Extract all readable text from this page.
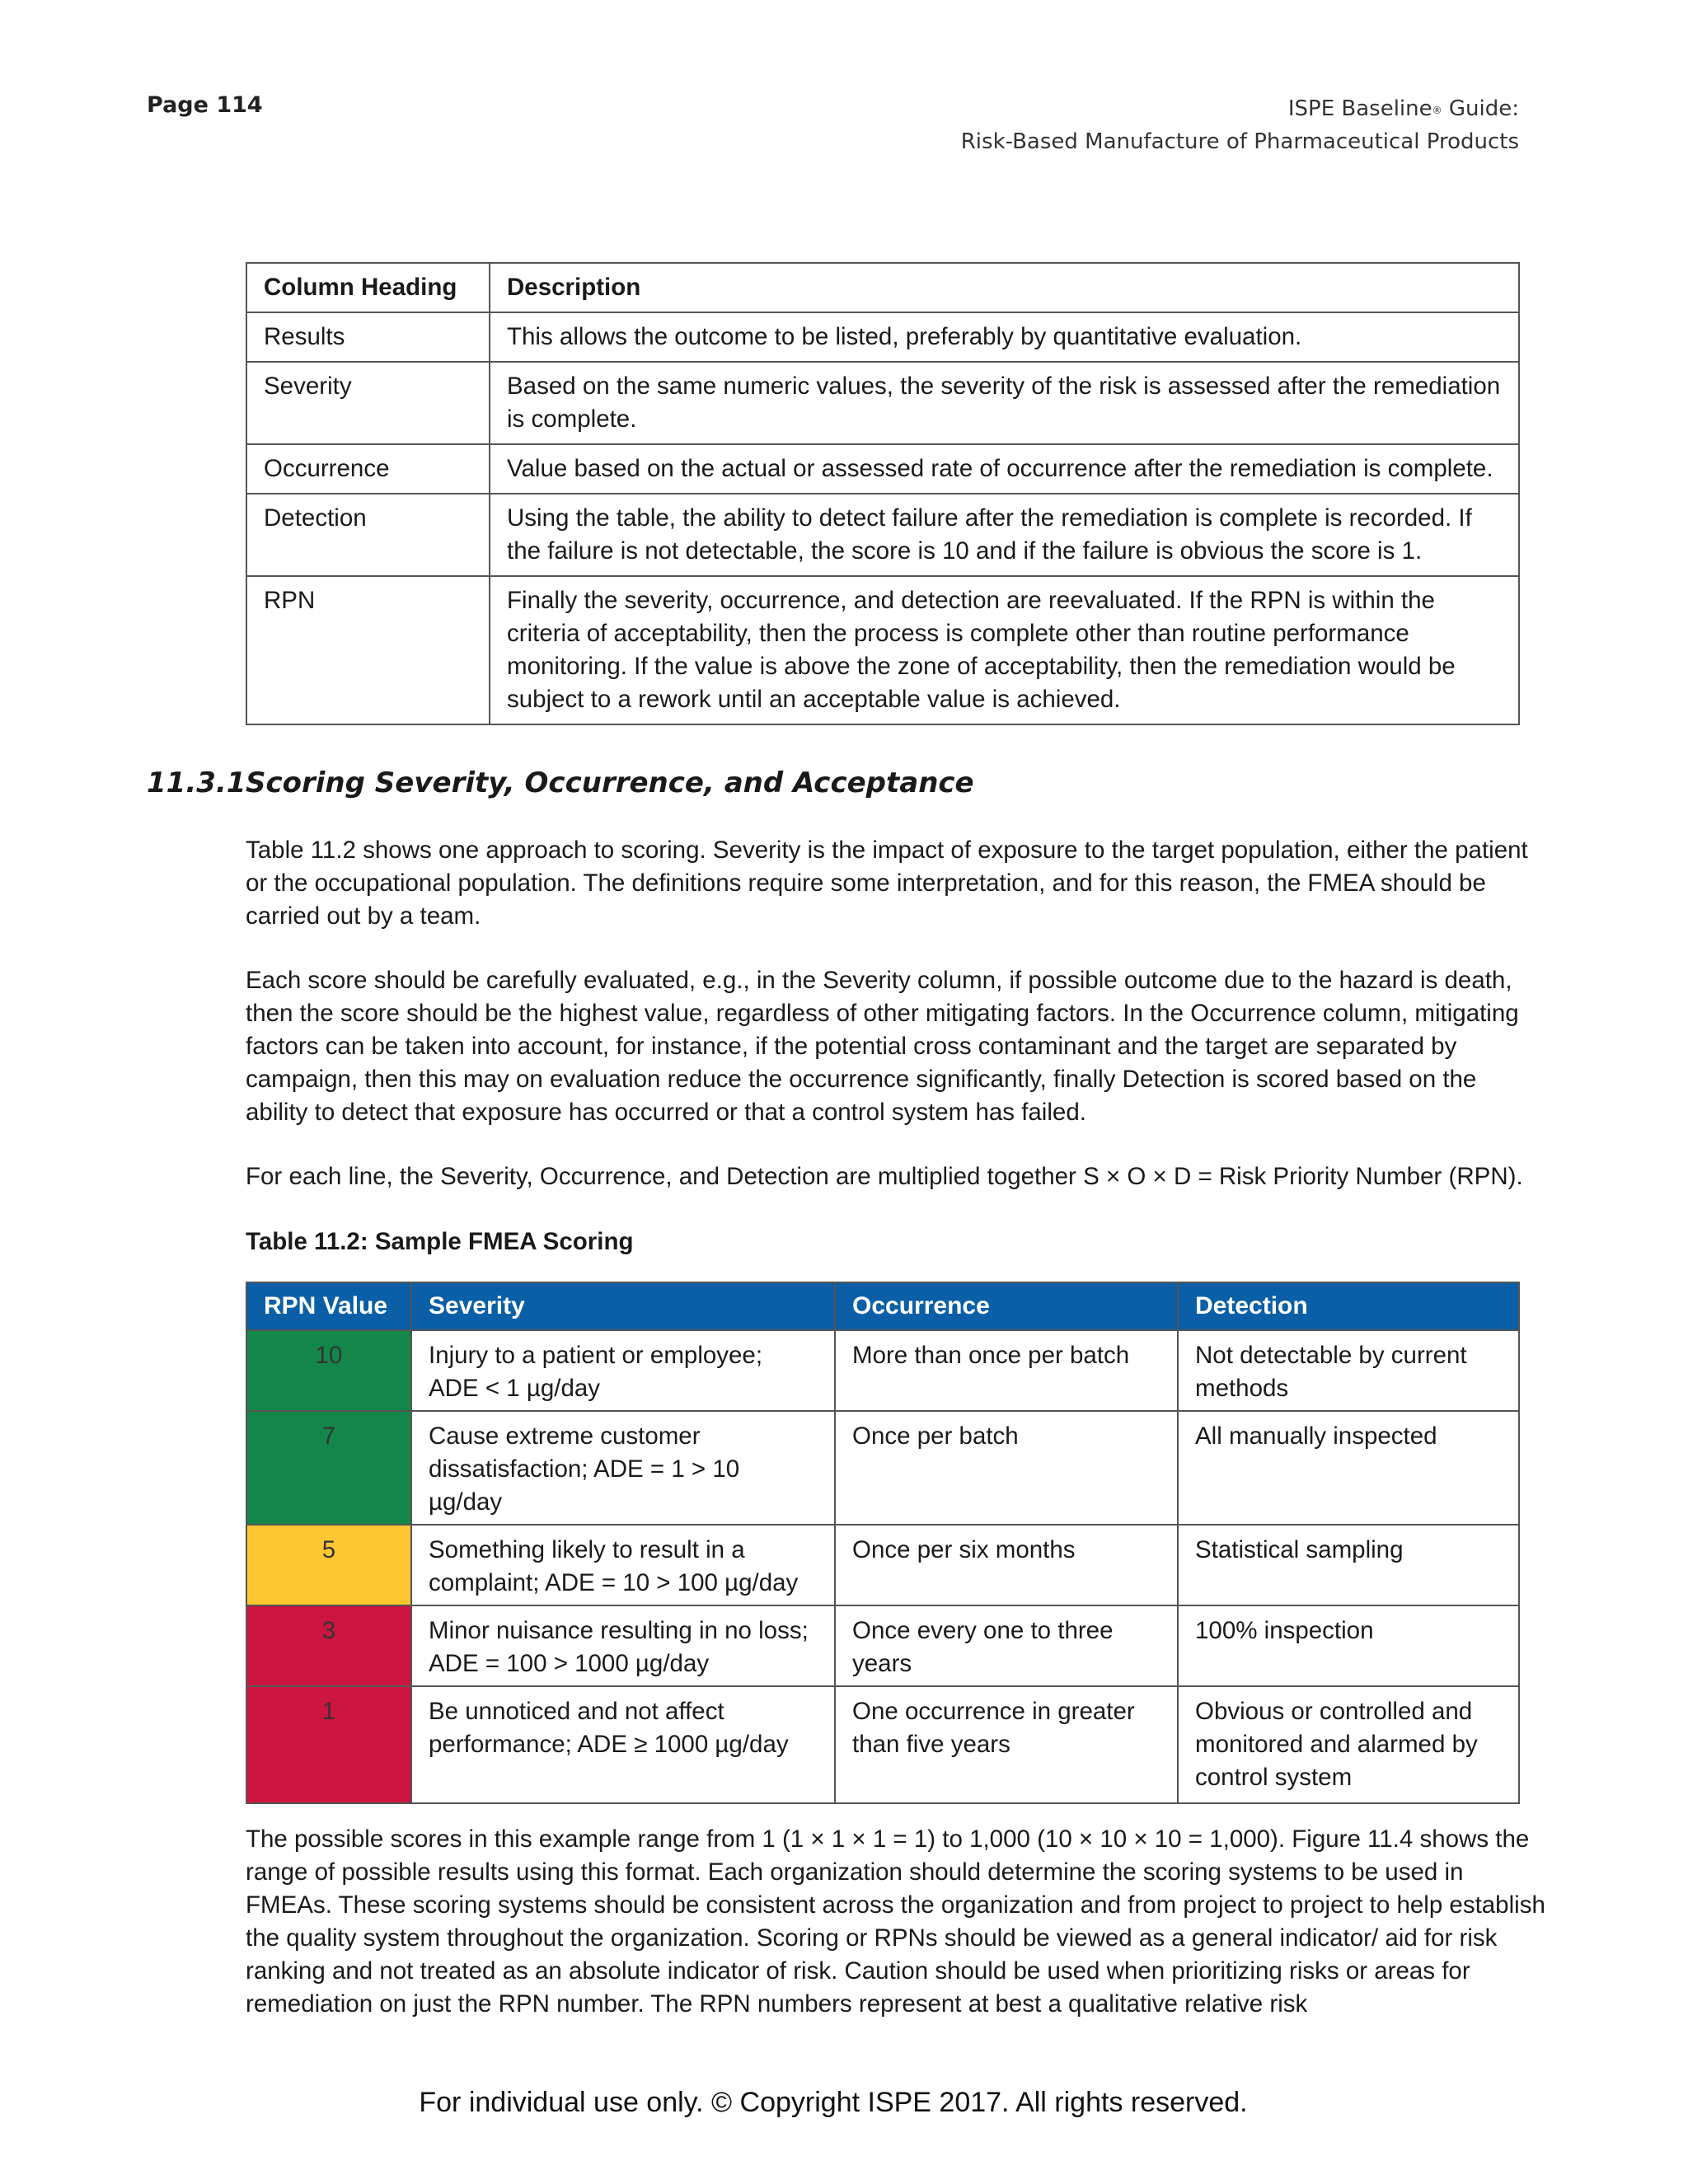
Page 114	ISPE Baseline® Guide:
Risk-Based Manufacture of Pharmaceutical Products
Column Heading	Description
Results	This allows the outcome to be listed, preferably by quantitative evaluation.
Severity	Based on the same numeric values, the severity of the risk is assessed after the remediation is complete.
Occurrence	Value based on the actual or assessed rate of occurrence after the remediation is complete.
Detection	Using the table, the ability to detect failure after the remediation is complete is recorded. If the failure is not detectable, the score is 10 and if the failure is obvious the score is 1.
RPN	Finally the severity, occurrence, and detection are reevaluated. If the RPN is within the criteria of acceptability, then the process is complete other than routine performance monitoring. If the value is above the zone of acceptability, then the remediation would be subject to a rework until an acceptable value is achieved.
11.3.1Scoring Severity, Occurrence, and Acceptance

Table 11.2 shows one approach to scoring. Severity is the impact of exposure to the target population, either the patient or the occupational population. The definitions require some interpretation, and for this reason, the FMEA should be carried out by a team.

Each score should be carefully evaluated, e.g., in the Severity column, if possible outcome due to the hazard is death, then the score should be the highest value, regardless of other mitigating factors. In the Occurrence column, mitigating factors can be taken into account, for instance, if the potential cross contaminant and the target are separated by campaign, then this may on evaluation reduce the occurrence significantly, finally Detection is scored based on the ability to detect that exposure has occurred or that a control system has failed.

For each line, the Severity, Occurrence, and Detection are multiplied together S × O × D = Risk Priority Number (RPN).

Table 11.2: Sample FMEA Scoring

RPN Value	Severity	Occurrence	Detection
10	Injury to a patient or employee; ADE < 1 µg/day	More than once per batch	Not detectable by current methods
7	Cause extreme customer dissatisfaction; ADE = 1 > 10 µg/day	Once per batch	All manually inspected
5	Something likely to result in a complaint; ADE = 10 > 100 µg/day	Once per six months	Statistical sampling
3	Minor nuisance resulting in no loss; ADE = 100 > 1000 µg/day	Once every one to three years	100% inspection
1	Be unnoticed and not affect performance; ADE ≥ 1000 µg/day	One occurrence in greater than five years	Obvious or controlled and monitored and alarmed by control system

The possible scores in this example range from 1 (1 × 1 × 1 = 1) to 1,000 (10 × 10 × 10 = 1,000). Figure 11.4 shows the range of possible results using this format. Each organization should determine the scoring systems to be used in FMEAs. These scoring systems should be consistent across the organization and from project to project to help establish the quality system throughout the organization. Scoring or RPNs should be viewed as a general indicator/ aid for risk ranking and not treated as an absolute indicator of risk. Caution should be used when prioritizing risks or areas for remediation on just the RPN number. The RPN numbers represent at best a qualitative relative risk

For individual use only. © Copyright ISPE 2017. All rights reserved.
